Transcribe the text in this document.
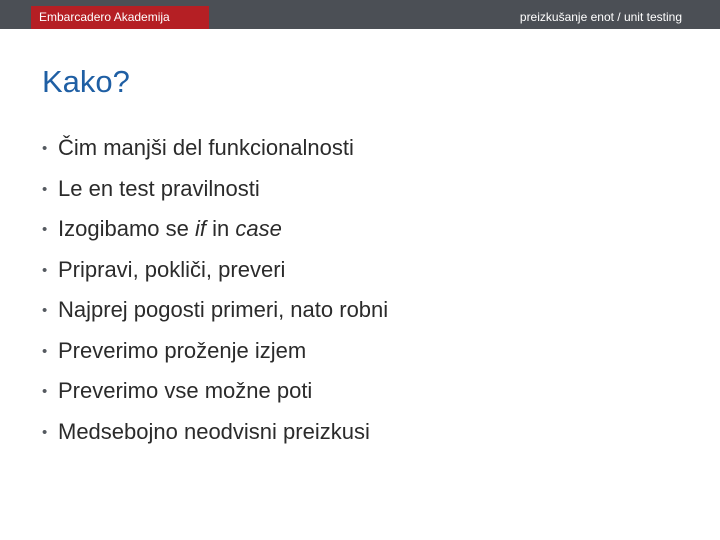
Embarcadero Akademija	preizkušanje enot / unit testing
Kako?
• Čim manjši del funkcionalnosti
• Le en test pravilnosti
• Izogibamo se if in case
• Pripravi, pokliči, preveri
• Najprej pogosti primeri, nato robni
• Preverimo proženje izjem
• Preverimo vse možne poti
• Medsebojno neodvisni preizkusi
